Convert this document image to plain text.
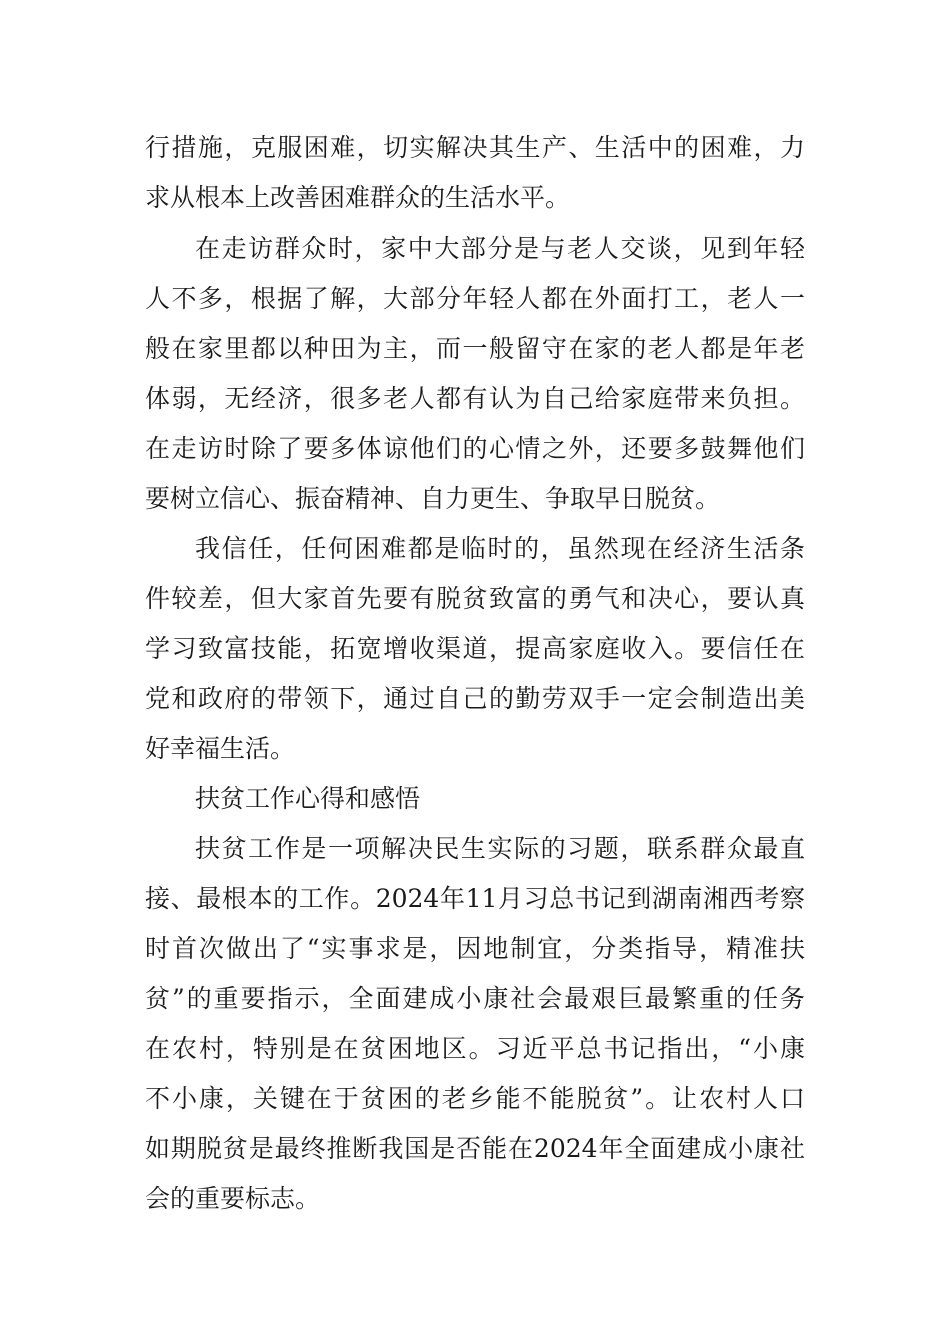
行措施，克服困难，切实解决其生产、生活中的困难，力
求从根本上改善困难群众的生活水平。
在走访群众时，家中大部分是与老人交谈，见到年轻
人不多，根据了解，大部分年轻人都在外面打工，老人一
般在家里都以种田为主，而一般留守在家的老人都是年老
体弱，无经济，很多老人都有认为自己给家庭带来负担。
在走访时除了要多体谅他们的心情之外，还要多鼓舞他们
要树立信心、振奋精神、自力更生、争取早日脱贫。
我信任，任何困难都是临时的，虽然现在经济生活条
件较差，但大家首先要有脱贫致富的勇气和决心，要认真
学习致富技能，拓宽增收渠道，提高家庭收入。要信任在
党和政府的带领下，通过自己的勤劳双手一定会制造出美
好幸福生活。
扶贫工作心得和感悟
扶贫工作是一项解决民生实际的习题，联系群众最直
接、最根本的工作。2024年11月习总书记到湖南湘西考察
时首次做出了“实事求是，因地制宜，分类指导，精准扶
贫”的重要指示，全面建成小康社会最艰巨最繁重的任务
在农村，特别是在贫困地区。习近平总书记指出，“小康
不小康，关键在于贫困的老乡能不能脱贫”。让农村人口
如期脱贫是最终推断我国是否能在2024年全面建成小康社
会的重要标志。
